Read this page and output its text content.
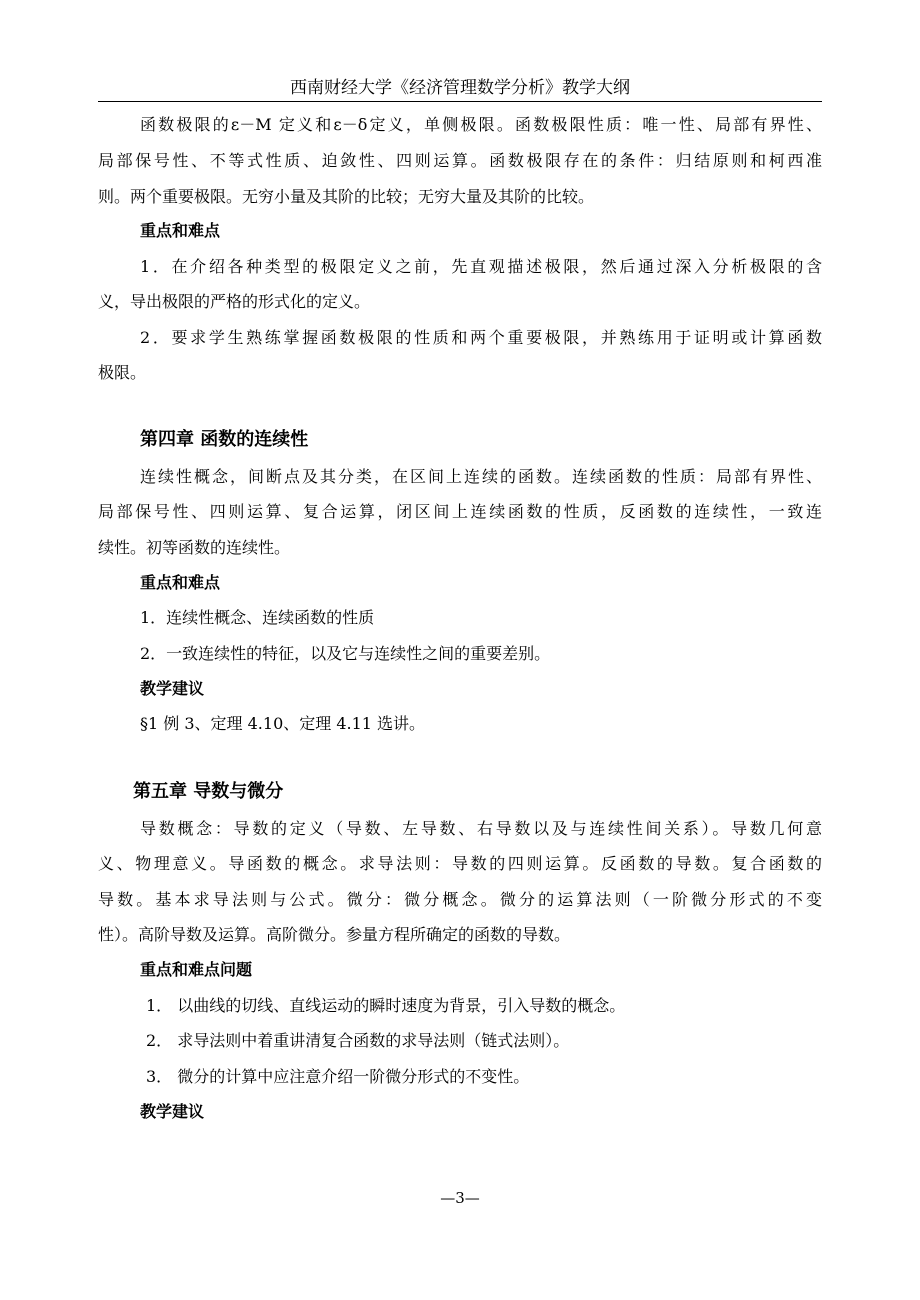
西南财经大学《经济管理数学分析》教学大纲
函数极限的ε－M 定义和ε－δ定义，单侧极限。函数极限性质：唯一性、局部有界性、
局部保号性、不等式性质、迫敛性、四则运算。函数极限存在的条件：归结原则和柯西准
则。两个重要极限。无穷小量及其阶的比较；无穷大量及其阶的比较。
重点和难点
1．在介绍各种类型的极限定义之前，先直观描述极限，然后通过深入分析极限的含
义，导出极限的严格的形式化的定义。
2．要求学生熟练掌握函数极限的性质和两个重要极限，并熟练用于证明或计算函数
极限。
第四章 函数的连续性
连续性概念，间断点及其分类，在区间上连续的函数。连续函数的性质：局部有界性、
局部保号性、四则运算、复合运算，闭区间上连续函数的性质，反函数的连续性，一致连
续性。初等函数的连续性。
重点和难点
1．连续性概念、连续函数的性质
2．一致连续性的特征，以及它与连续性之间的重要差别。
教学建议
§1 例 3、定理 4.10、定理 4.11 选讲。
第五章 导数与微分
导数概念：导数的定义（导数、左导数、右导数以及与连续性间关系）。导数几何意
义、物理意义。导函数的概念。求导法则：导数的四则运算。反函数的导数。复合函数的
导数。基本求导法则与公式。微分：微分概念。微分的运算法则（一阶微分形式的不变
性）。高阶导数及运算。高阶微分。参量方程所确定的函数的导数。
重点和难点问题
1． 以曲线的切线、直线运动的瞬时速度为背景，引入导数的概念。
2． 求导法则中着重讲清复合函数的求导法则（链式法则）。
3． 微分的计算中应注意介绍一阶微分形式的不变性。
教学建议
—3—
